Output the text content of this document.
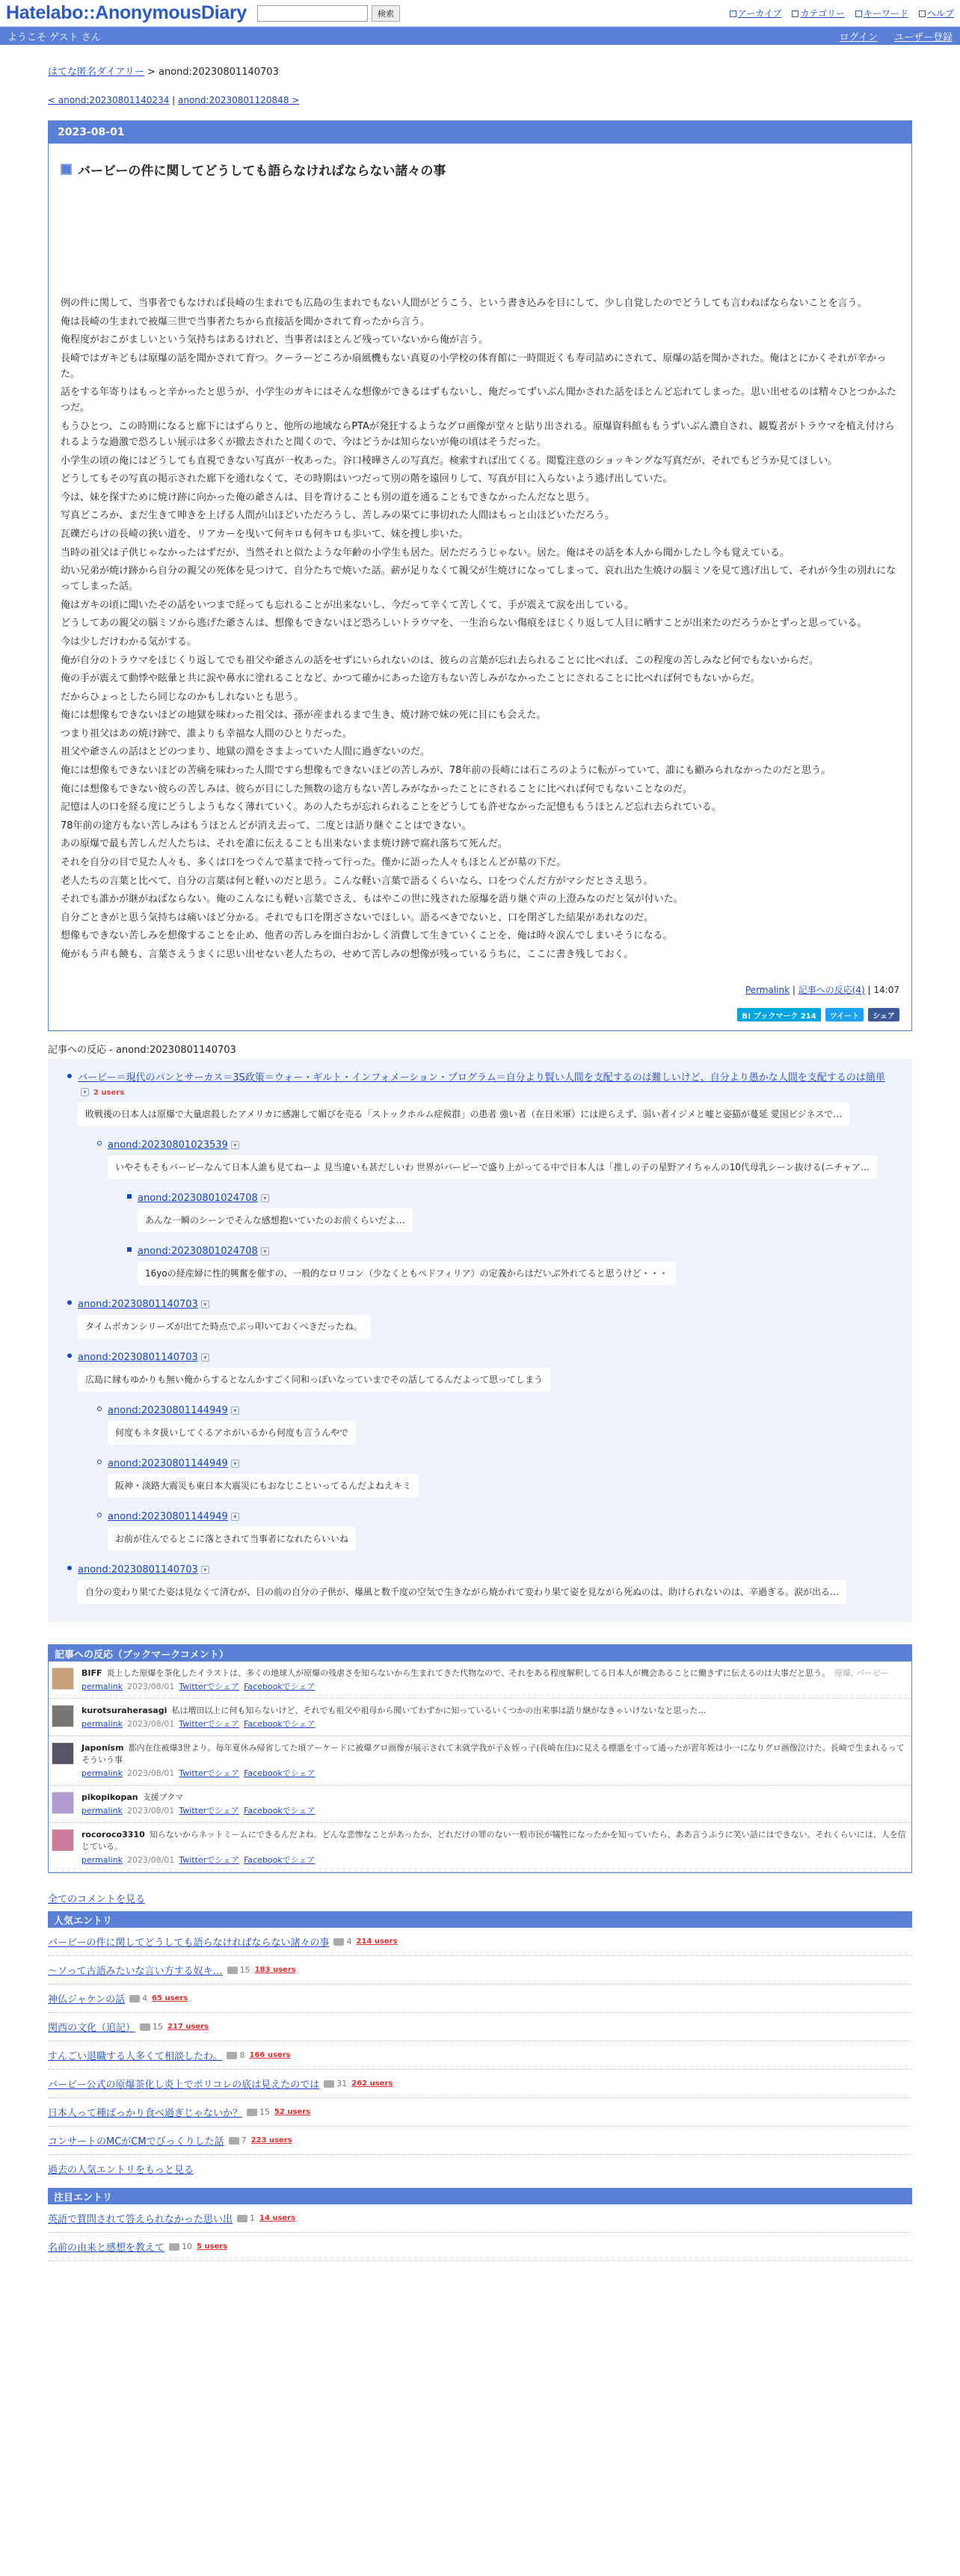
Hatelabo::AnonymousDiary	検索	アーカイブ	カテゴリー	キーワード	ヘルプ
ようこそ ゲスト さん	ログイン ユーザー登録
はてな匿名ダイアリー > anond:20230801140703
< anond:20230801140234 | anond:20230801120848 >
2023-08-01
バービーの件に関してどうしても語らなければならない諸々の事

例の件に関して、当事者でもなければ長崎の生まれでも広島の生まれでもない人間がどうこう、という書き込みを目にして、少し自覚したのでどうしても言わねばならないことを言う。

俺は長崎の生まれで被爆三世で当事者たちから直接話を聞かされて育ったから言う。

俺程度がおこがましいという気持ちはあるけれど、当事者はほとんど残っていないから俺が言う。

長崎ではガキどもは原爆の話を聞かされて育つ。クーラーどころか扇風機もない真夏の小学校の体育館に一時間近くも寿司詰めにされて、原爆の話を聞かされた。俺はとにかくそれが辛かった。

話をする年寄りはもっと辛かったと思うが、小学生のガキにはそんな想像ができるはずもないし、俺だってずいぶん聞かされた話をほとんど忘れてしまった。思い出せるのは精々ひとつかふたつだ。

もうひとつ、この時期になると廊下にはずらりと、他所の地域ならPTAが発狂するようなグロ画像が堂々と貼り出される。原爆資料館ももうずいぶん濃自され、観覧者がトラウマを植え付けられるような過激で恐ろしい展示は多くが撤去されたと聞くので、今はどうかは知らないが俺の頃はそうだった。

小学生の頃の俺にはどうしても直視できない写真が一枚あった。谷口稜曄さんの写真だ。検索すれば出てくる。閲覧注意のショッキングな写真だが、それでもどうか見てほしい。

どうしてもその写真の掲示された廊下を通れなくて、その時期はいつだって別の階を遠回りして、写真が目に入らないよう逃げ出していた。

今は、妹を探すために焼け跡に向かった俺の爺さんは、目を背けることも別の道を通ることもできなかったんだなと思う。

写真どころか、まだ生きて呻きを上げる人間が山ほどいただろうし、苦しみの果てに事切れた人間はもっと山ほどいただろう。

瓦礫だらけの長崎の狭い道を、リアカーを曳いて何キロも何キロも歩いて、妹を捜し歩いた。

当時の祖父は子供じゃなかったはずだが、当然それと似たような年齢の小学生も居た。居ただろうじゃない。居た。俺はその話を本人から聞かしたし今も覚えている。

幼い兄弟が焼け跡から自分の親父の死体を見つけて、自分たちで焼いた話。薪が足りなくて親父が生焼けになってしまって、哀れ出た生焼けの脳ミソを見て逃げ出して、それが今生の別れになってしまった話。

俺はガキの頃に聞いたその話をいつまで経っても忘れることが出来ないし、今だって辛くて苦しくて、手が震えて涙を出している。

どうしてあの親父の脳ミソから逃げた爺さんは、想像もできないほど恐ろしいトラウマを、一生治らない傷痕をほじくり返して人目に晒すことが出来たのだろうかとずっと思っている。

今は少しだけわかる気がする。

俺が自分のトラウマをほじくり返してでも祖父や爺さんの話をせずにいられないのは、彼らの言葉が忘れ去られることに比べれば、この程度の苦しみなど何でもないからだ。

俺の手が震えて動悸や眩暈と共に涙や鼻水に塗れることなど、かつて確かにあった途方もない苦しみがなかったことにされることに比べれば何でもないからだ。

だからひょっとしたら同じなのかもしれないとも思う。

俺には想像もできないほどの地獄を味わった祖父は、孫が産まれるまで生き、焼け跡で妹の死に目にも会えた。

つまり祖父はあの焼け跡で、誰よりも幸福な人間のひとりだった。

祖父や爺さんの話はとどのつまり、地獄の淵をさまよっていた人間に過ぎないのだ。

俺には想像もできないほどの苦痛を味わった人間ですら想像もできないほどの苦しみが、78年前の長崎には石ころのように転がっていて、誰にも顧みられなかったのだと思う。

俺には想像もできない彼らの苦しみは、彼らが目にした無数の途方もない苦しみがなかったことにされることに比べれば何でもないことなのだ。

記憶は人の口を経る度にどうしようもなく薄れていく。あの人たちが忘れられることをどうしても許せなかった記憶ももうほとんど忘れ去られている。

78年前の途方もない苦しみはもうほとんどが消え去って、二度とは語り継ぐことはできない。

あの原爆で最も苦しんだ人たちは、それを誰に伝えることも出来ないまま焼け跡で腐れ落ちて死んだ。

それを自分の目で見た人々も、多くは口をつぐんで墓まで持って行った。僅かに語った人々もほとんどが墓の下だ。

老人たちの言葉と比べて、自分の言葉は何と軽いのだと思う。こんな軽い言葉で語るくらいなら、口をつぐんだ方がマシだとさえ思う。

それでも誰かが継がねばならない。俺のこんなにも軽い言葉でさえ、もはやこの世に残された原爆を語り継ぐ声の上澄みなのだと気が付いた。

自分ごときがと思う気持ちは痛いほど分かる。それでも口を閉ざさないでほしい。語るべきでないと、口を閉ざした結果があれなのだ。

想像もできない苦しみを想像することを止め、他者の苦しみを面白おかしく消費して生きていくことを、俺は時々涙んでしまいそうになる。

俺がもう声も饒も、言葉さえうまくに思い出せない老人たちの、せめて苦しみの想像が残っているうちに、ここに書き残しておく。

Permalink | 記事への反応(4) | 14:07
B! ブックマーク 214	ツイート	シェア
記事への反応 - anond:20230801140703
バービー＝現代のパンとサーカス＝3S政策＝ウォー・ギルト・インフォメーション・プログラム＝自分より賢い人間を支配するのは難しいけど、自分より愚かな人間を支配するのは簡単▾ 2 users
敗戦後の日本人は原爆で大量虐殺したアメリカに感謝して媚びを売る「ストックホルム症候群」の患者 強い者（在日米軍）には逆らえず、弱い者イジメと嘘と姿猫が蔓延 愛国ビジネスで…
anond:20230801023539 ▾
いやそもそもバービーなんて日本人誰も見てねーよ 見当違いも甚だしいわ 世界がバービーで盛り上がってる中で日本人は「推しの子の星野アイちゃんの10代母乳シーン抜ける(ニチャア…
anond:20230801024708 ▾
あんな一瞬のシーンでそんな感想抱いていたのお前くらいだよ…
anond:20230801024708 ▾
16yoの経産婦に性的興奮を催すの、一般的なロリコン（少なくともペドフィリア）の定義からはだいぶ外れてると思うけど・・・
anond:20230801140703 ▾
タイムボカンシリーズが出てた時点でぶっ叩いておくべきだったね。
anond:20230801140703 ▾
広島に縁もゆかりも無い俺からするとなんかすごく同和っぽいなっていまでその話してるんだよって思ってしまう
anond:20230801144949 ▾
何度もネタ扱いしてくるアホがいるから何度も言うんやで
anond:20230801144949 ▾
阪神・淡路大震災も東日本大震災にもおなじこといってるんだよねえキミ
anond:20230801144949 ▾
お前が住んでるとこに落とされて当事者になれたらいいね
anond:20230801140703 ▾
自分の変わり果てた姿は見なくて済むが、目の前の自分の子供が、爆風と数千度の空気で生きながら焼かれて変わり果て姿を見ながら死ぬのは、助けられないのは、辛過ぎる。涙が出る…
記事への反応（ブックマークコメント）
BIFF 炎上した原爆を茶化したイラストは、多くの地球人が原爆の残虐さを知らないから生まれてきた代物なので、それをある程度解釈してる日本人が機会あることに働きずに伝えるのは大事だと思う。 原爆, バービー
permalink 2023/08/01 Twitterでシェア Facebookでシェア
kurotsuraherasagi 私は増田以上に何も知らないけど、それでも祖父や祖母から聞いてわずかに知っているいくつかの出来事は語り継がなきゃいけないなと思った…
permalink 2023/08/01 Twitterでシェア Facebookでシェア
Japonism 都内在住被爆3世より。毎年夏休み帰省してた頃アーケードに被爆グロ画像が展示されて未就学我が子＆姪っ子(長崎在住)に見える標悪を寸って通ったが習年姪は小一になりグロ画像泣けた。長崎で生まれるってそういう事
permalink 2023/08/01 Twitterでシェア Facebookでシェア
pikopikopan 支援ブクマ
permalink 2023/08/01 Twitterでシェア Facebookでシェア
rocoroco3310 知らないからネットミームにできるんだよね。どんな悲惨なことがあったか、どれだけの罪のない一般市民が犠牲になったかを知っていたら、ああ言うふうに笑い話にはできない。それくらいには、人を信じている。
permalink 2023/08/01 Twitterでシェア Facebookでシェア
全てのコメントを見る
人気エントリ
バービーの件に関してどうしても語らなければならない諸々の事 4 214 users
〜ソって古語みたいな言い方する奴キ… 15 183 users
神仏ジャケンの話 4 65 users
関西の文化（追記） 15 217 users
すんごい退職する人多くて相談したわ。 8 166 users
バービー公式の原爆茶化し炎上でポリコレの底は見えたのでは 31 262 users
日本人って種ばっかり食べ過ぎじゃないか？ 15 52 users
コンサートのMCがCMでびっくりした話 7 223 users
過去の人気エントリをもっと見る
注目エントリ
英語で質問されて答えられなかった思い出 1 14 users
名前の由来と感想を教えて 10 5 users
